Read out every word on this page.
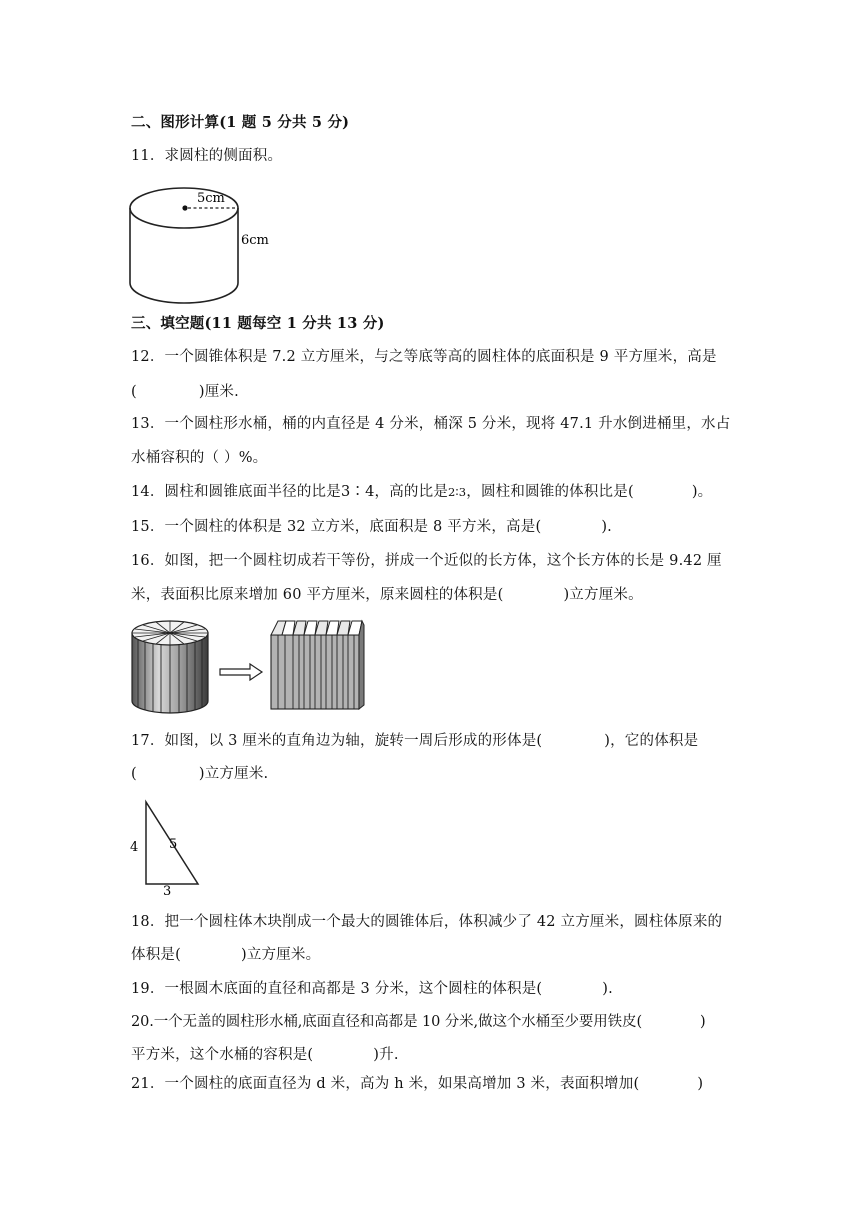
二、图形计算(1 题 5 分共 5 分)
11．求圆柱的侧面积。
5cm
6cm
三、填空题(11 题每空 1 分共 13 分)
12．一个圆锥体积是 7.2 立方厘米，与之等底等高的圆柱体的底面积是 9 平方厘米，高是
(	)厘米.
13．一个圆柱形水桶，桶的内直径是 4 分米，桶深 5 分米，现将 47.1 升水倒进桶里，水占
水桶容积的（ ）%。
14．圆柱和圆锥底面半径的比是3∶4，高的比是2∶3，圆柱和圆锥的体积比是(	)。
15．一个圆柱的体积是 32 立方米，底面积是 8 平方米，高是(	).
16．如图，把一个圆柱切成若干等份，拼成一个近似的长方体，这个长方体的长是 9.42 厘
米，表面积比原来增加 60 平方厘米，原来圆柱的体积是(	)立方厘米。
17．如图，以 3 厘米的直角边为轴，旋转一周后形成的形体是(	)，它的体积是
(	)立方厘米.
4 5
3
18．把一个圆柱体木块削成一个最大的圆锥体后，体积减少了 42 立方厘米，圆柱体原来的
体积是(	)立方厘米。
19．一根圆木底面的直径和高都是 3 分米，这个圆柱的体积是(	).
20.一个无盖的圆柱形水桶,底面直径和高都是 10 分米,做这个水桶至少要用铁皮(	)
平方米，这个水桶的容积是(	)升.
21．一个圆柱的底面直径为 d 米，高为 h 米，如果高增加 3 米，表面积增加(	)
